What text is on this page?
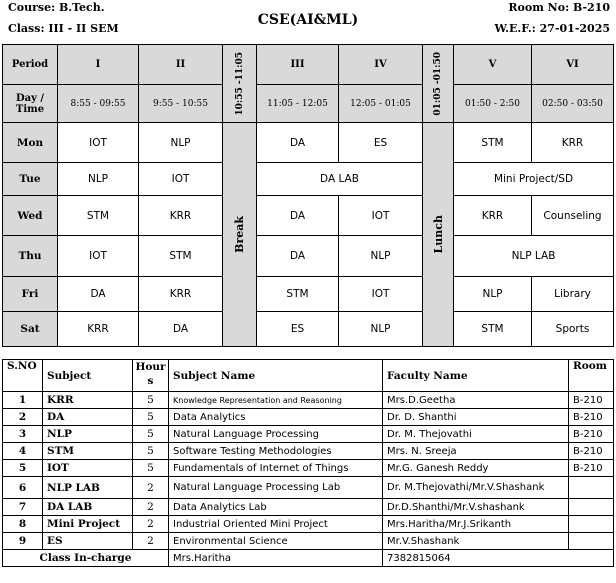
Course: B.Tech.
Class: III - II SEM
CSE(AI&ML)
Room No: B-210
W.E.F.: 27-01-2025
Period	I	II	10:55 -11:05	III	IV	01:05 -01:50	V	VI
Day / Time	8:55 - 09:55	9:55 - 10:55		11:05 - 12:05	12:05 - 01:05		01:50 - 2:50	02:50 - 03:50
Mon	IOT	NLP	Break	DA	ES	Lunch	STM	KRR
Tue	NLP	IOT		DA LAB			Mini Project/SD	
Wed	STM	KRR		DA	IOT		KRR	Counseling
Thu	IOT	STM		DA	NLP		NLP LAB	
Fri	DA	KRR		STM	IOT		NLP	Library
Sat	KRR	DA		ES	NLP		STM	Sports
S.NO	Subject	Hours	Subject Name	Faculty Name	Room
1	KRR	5	Knowledge Representation and Reasoning	Mrs.D.Geetha	B-210
2	DA	5	Data Analytics	Dr. D. Shanthi	B-210
3	NLP	5	Natural Language Processing	Dr. M. Thejovathi	B-210
4	STM	5	Software Testing Methodologies	Mrs. N. Sreeja	B-210
5	IOT	5	Fundamentals of Internet of Things	Mr.G. Ganesh Reddy	B-210
6	NLP LAB	2	Natural Language Processing Lab	Dr. M.Thejovathi/Mr.V.Shashank	
7	DA LAB	2	Data Analytics Lab	Dr.D.Shanthi/Mr.V.shashank	
8	Mini Project	2	Industrial Oriented Mini Project	Mrs.Haritha/Mr.J.Srikanth	
9	ES	2	Environmental Science	Mr.V.Shashank	
Class In-charge			Mrs.Haritha	7382815064	
